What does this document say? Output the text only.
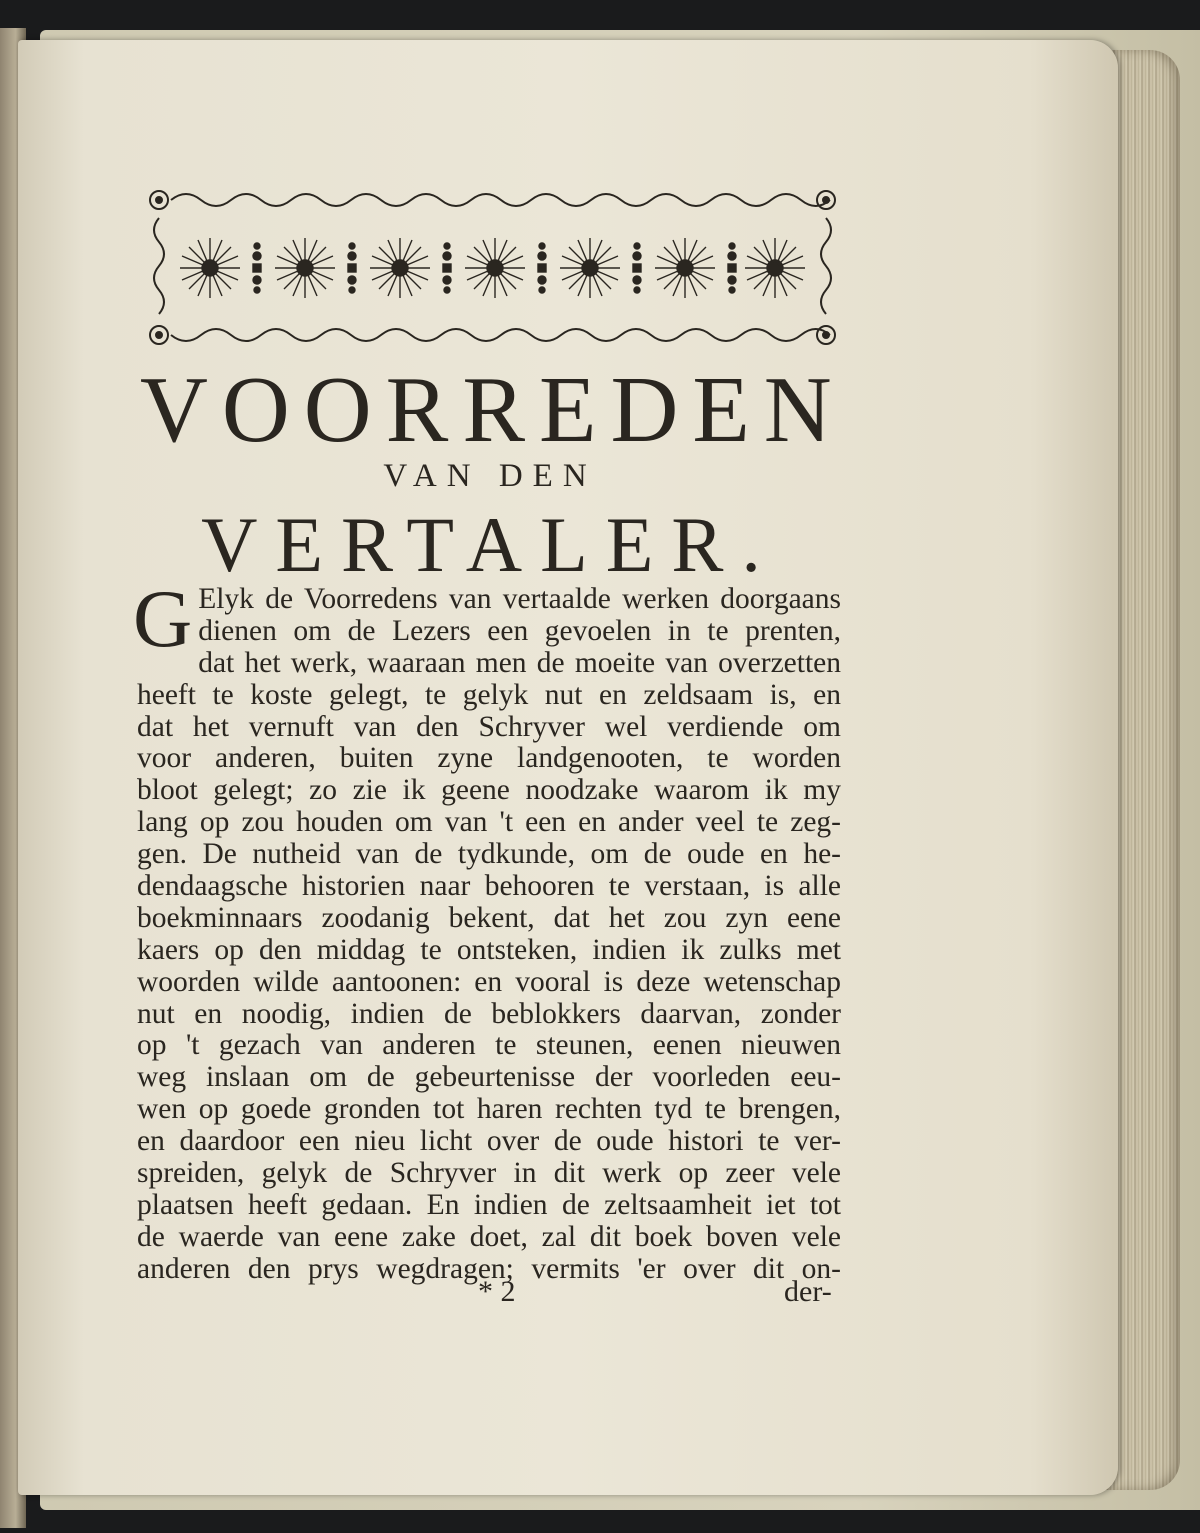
VOORREDEN
VAN DEN
VERTALER.
G Elyk de Voorredens van vertaalde werken doorgaans
dienen om de Lezers een gevoelen in te prenten,
dat het werk, waaraan men de moeite van overzetten
heeft te koste gelegt, te gelyk nut en zeldsaam is, en
dat het vernuft van den Schryver wel verdiende om
voor anderen, buiten zyne landgenooten, te worden
bloot gelegt; zo zie ik geene noodzake waarom ik my
lang op zou houden om van 't een en ander veel te zeg-
gen. De nutheid van de tydkunde, om de oude en he-
dendaagsche historien naar behooren te verstaan, is alle
boekminnaars zoodanig bekent, dat het zou zyn eene
kaers op den middag te ontsteken, indien ik zulks met
woorden wilde aantoonen: en vooral is deze wetenschap
nut en noodig, indien de beblokkers daarvan, zonder
op 't gezach van anderen te steunen, eenen nieuwen
weg inslaan om de gebeurtenisse der voorleden eeu-
wen op goede gronden tot haren rechten tyd te brengen,
en daardoor een nieu licht over de oude histori te ver-
spreiden, gelyk de Schryver in dit werk op zeer vele
plaatsen heeft gedaan. En indien de zeltsaamheit iet tot
de waerde van eene zake doet, zal dit boek boven vele
anderen den prys wegdragen; vermits 'er over dit on-
* 2	der-
